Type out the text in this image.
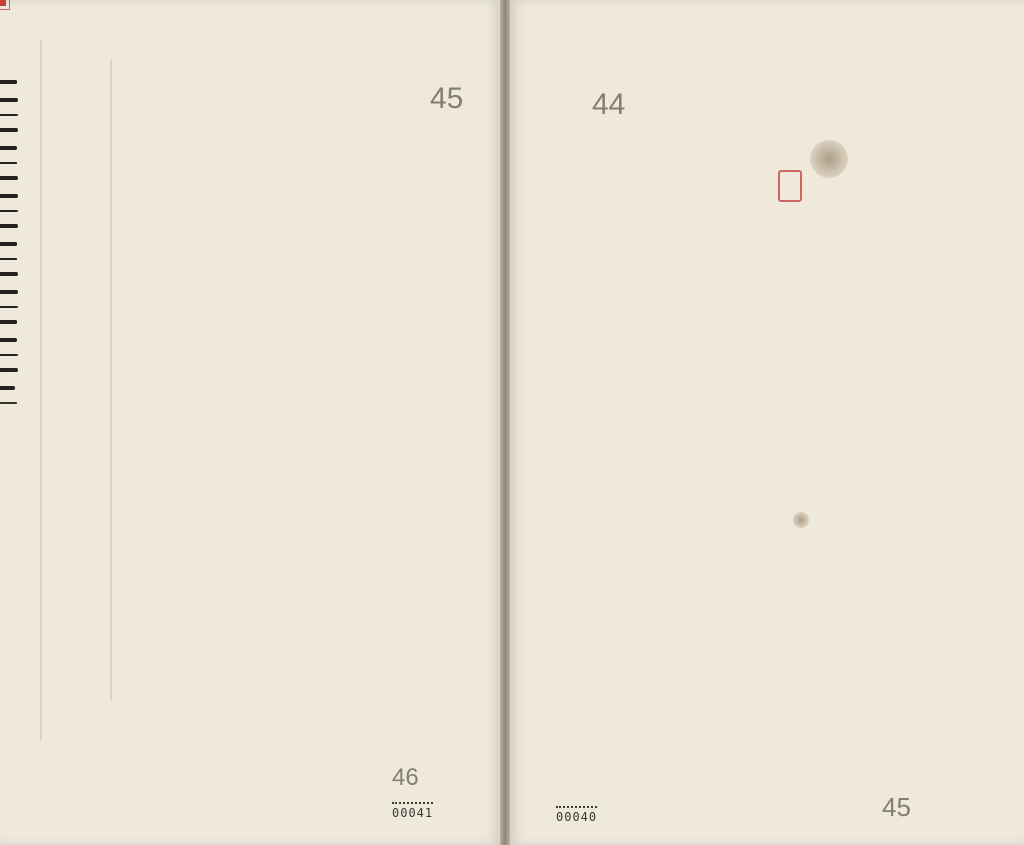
45
46
00041
44
45
00040
